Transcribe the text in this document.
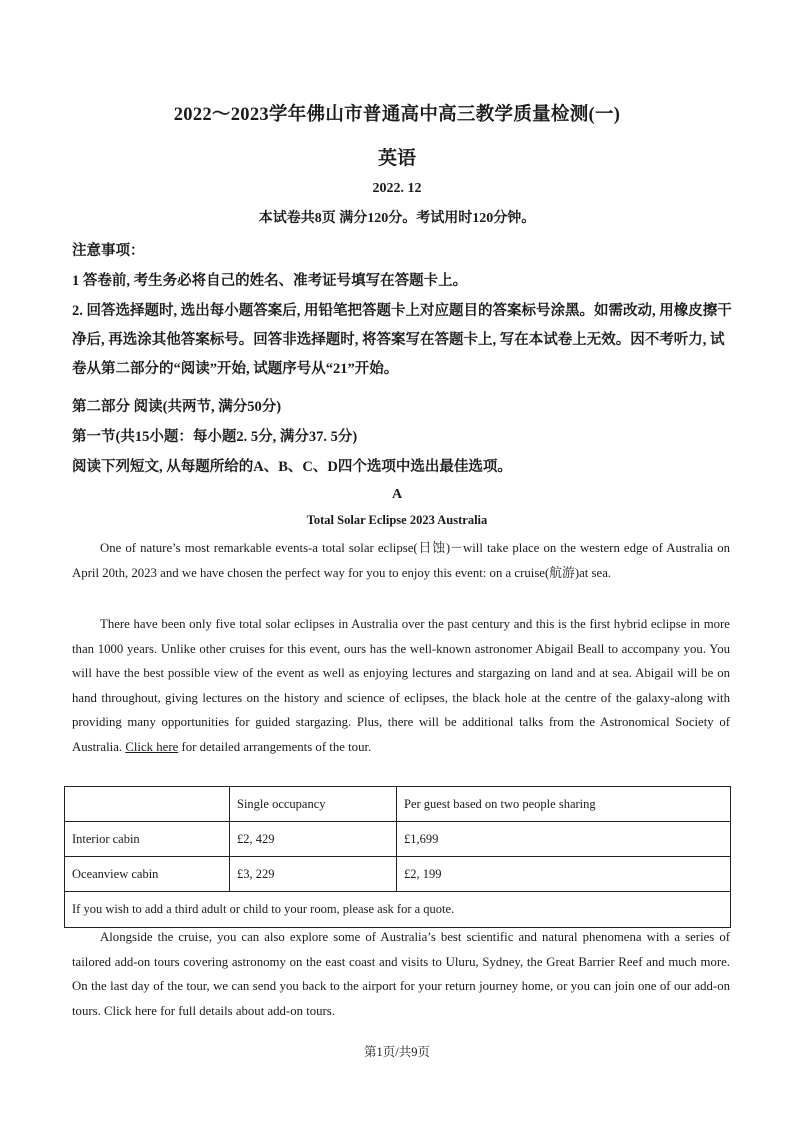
2022～2023学年佛山市普通高中高三教学质量检测(一)
英语
2022. 12
本试卷共8页 满分120分。考试用时120分钟。
注意事项：
1 答卷前, 考生务必将自己的姓名、准考证号填写在答题卡上。
2. 回答选择题时, 选出每小题答案后, 用铅笔把答题卡上对应题目的答案标号涂黑。如需改动, 用橡皮擦干净后, 再选涂其他答案标号。回答非选择题时, 将答案写在答题卡上, 写在本试卷上无效。因不考听力, 试卷从第二部分的“阅读”开始, 试题序号从“21”开始。
第二部分 阅读(共两节, 满分50分)
第一节(共15小题：每小题2. 5分, 满分37. 5分)
阅读下列短文, 从每题所给的A、B、C、D四个选项中选出最佳选项。
A
Total Solar Eclipse 2023 Australia

One of nature’s most remarkable events-a total solar eclipse(日蚀)－will take place on the western edge of Australia on April 20th, 2023 and we have chosen the perfect way for you to enjoy this event: on a cruise(航游)at sea.

There have been only five total solar eclipses in Australia over the past century and this is the first hybrid eclipse in more than 1000 years. Unlike other cruises for this event, ours has the well-known astronomer Abigail Beall to accompany you. You will have the best possible view of the event as well as enjoying lectures and stargazing on land and at sea. Abigail will be on hand throughout, giving lectures on the history and science of eclipses, the black hole at the centre of the galaxy-along with providing many opportunities for guided stargazing. Plus, there will be additional talks from the Astronomical Society of Australia. Click here for detailed arrangements of the tour.

	Single occupancy	Per guest based on two people sharing
Interior cabin	£2, 429	£1,699
Oceanview cabin	£3, 229	£2, 199
If you wish to add a third adult or child to your room, please ask for a quote.		

Alongside the cruise, you can also explore some of Australia’s best scientific and natural phenomena with a series of tailored add-on tours covering astronomy on the east coast and visits to Uluru, Sydney, the Great Barrier Reef and much more. On the last day of the tour, we can send you back to the airport for your return journey home, or you can join one of our add-on tours. Click here for full details about add-on tours.

第1页/共9页
